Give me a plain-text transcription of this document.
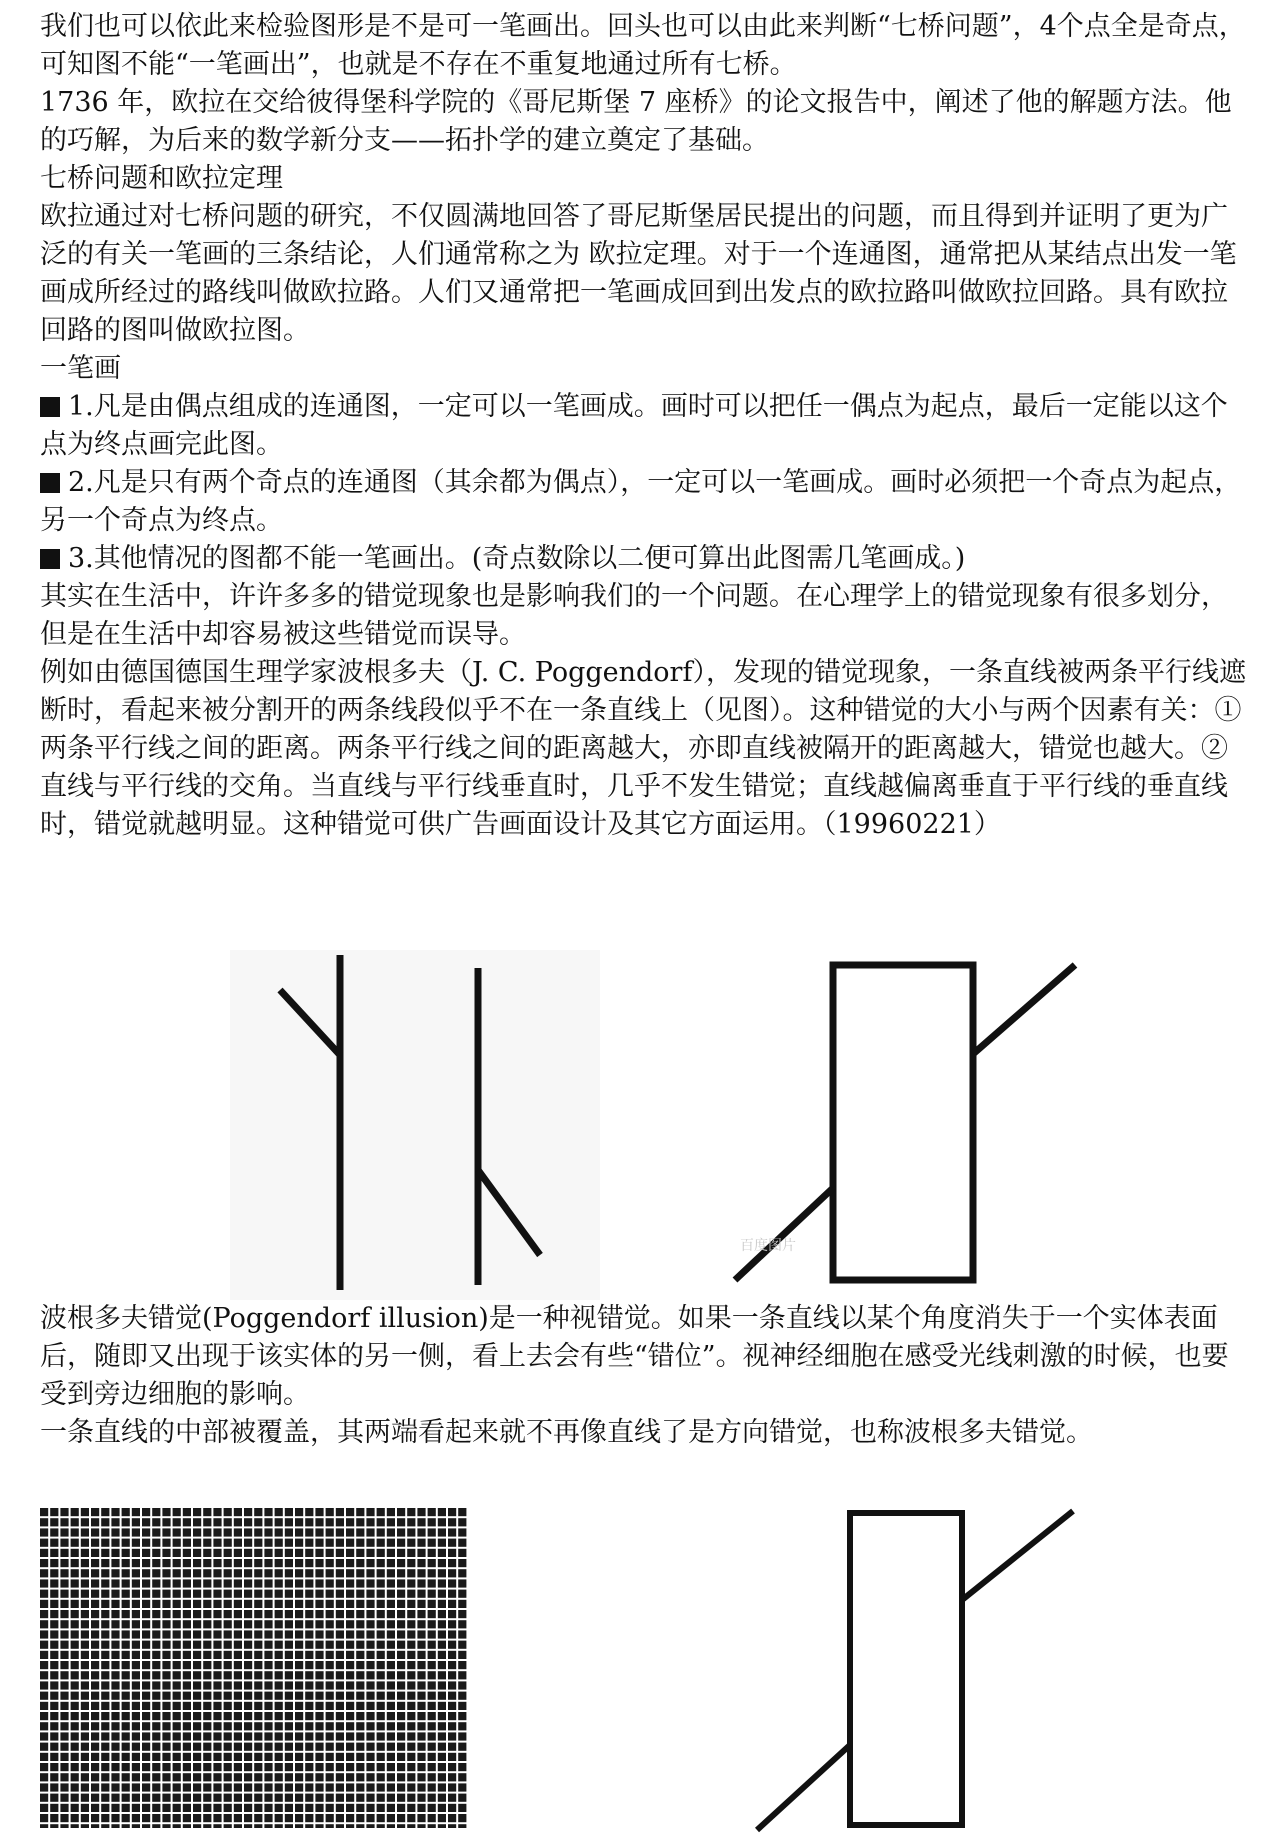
我们也可以依此来检验图形是不是可一笔画出。回头也可以由此来判断“七桥问题”，4个点全是奇点，可知图不能“一笔画出”，也就是不存在不重复地通过所有七桥。

1736 年，欧拉在交给彼得堡科学院的《哥尼斯堡 7 座桥》的论文报告中，阐述了他的解题方法。他的巧解，为后来的数学新分支——拓扑学的建立奠定了基础。

七桥问题和欧拉定理

欧拉通过对七桥问题的研究，不仅圆满地回答了哥尼斯堡居民提出的问题，而且得到并证明了更为广泛的有关一笔画的三条结论，人们通常称之为 欧拉定理。对于一个连通图，通常把从某结点出发一笔画成所经过的路线叫做欧拉路。人们又通常把一笔画成回到出发点的欧拉路叫做欧拉回路。具有欧拉回路的图叫做欧拉图。

一笔画

1.凡是由偶点组成的连通图，一定可以一笔画成。画时可以把任一偶点为起点，最后一定能以这个点为终点画完此图。

2.凡是只有两个奇点的连通图（其余都为偶点），一定可以一笔画成。画时必须把一个奇点为起点，另一个奇点为终点。

3.其他情况的图都不能一笔画出。(奇点数除以二便可算出此图需几笔画成。)

其实在生活中，许许多多的错觉现象也是影响我们的一个问题。在心理学上的错觉现象有很多划分，但是在生活中却容易被这些错觉而误导。

例如由德国德国生理学家波根多夫（J. C. Poggendorf），发现的错觉现象，一条直线被两条平行线遮断时，看起来被分割开的两条线段似乎不在一条直线上（见图）。这种错觉的大小与两个因素有关：①两条平行线之间的距离。两条平行线之间的距离越大，亦即直线被隔开的距离越大，错觉也越大。②直线与平行线的交角。当直线与平行线垂直时，几乎不发生错觉；直线越偏离垂直于平行线的垂直线时，错觉就越明显。这种错觉可供广告画面设计及其它方面运用。（19960221）

百度图片

波根多夫错觉(Poggendorf illusion)是一种视错觉。如果一条直线以某个角度消失于一个实体表面后，随即又出现于该实体的另一侧，看上去会有些“错位”。视神经细胞在感受光线刺激的时候，也要受到旁边细胞的影响。

一条直线的中部被覆盖，其两端看起来就不再像直线了是方向错觉，也称波根多夫错觉。
